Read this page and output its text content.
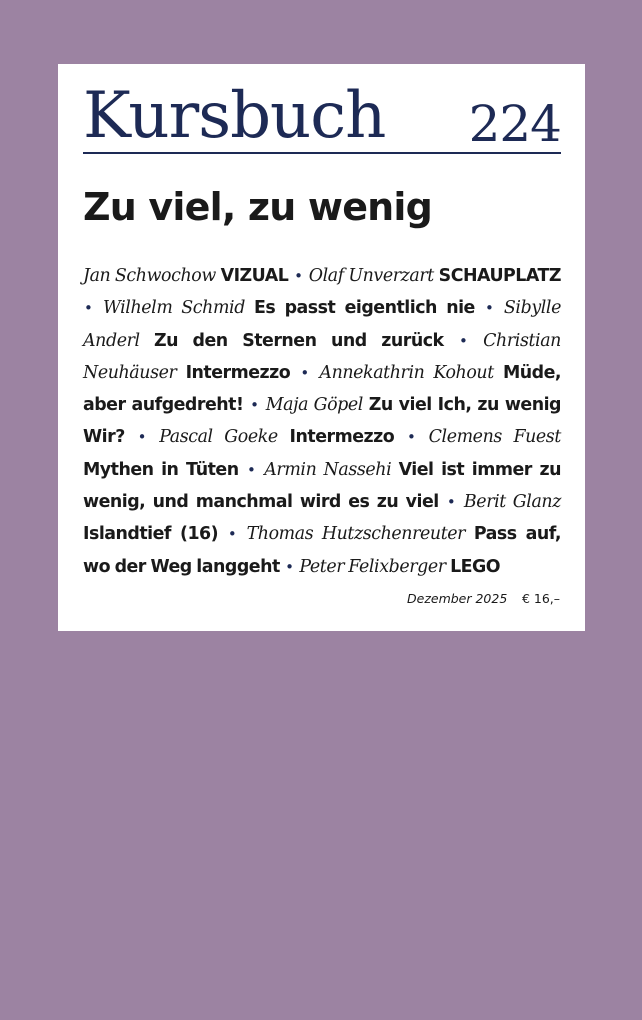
Kursbuch 224
Zu viel, zu wenig

Jan Schwochow VIZUAL • Olaf Unverzart SCHAUPLATZ • Wilhelm Schmid Es passt eigentlich nie • Sibylle Anderl Zu den Sternen und zurück • Christian Neuhäuser Intermezzo • Annekathrin Kohout Müde, aber aufgedreht! • Maja Göpel Zu viel Ich, zu wenig Wir? • Pascal Goeke Intermezzo • Clemens Fuest Mythen in Tüten • Armin Nassehi Viel ist immer zu wenig, und manchmal wird es zu viel • Berit Glanz Islandtief (16) • Thomas Hutzschenreuter Pass auf, wo der Weg langgeht • Peter Felixberger LEGO

Dezember 2025 € 16,–
